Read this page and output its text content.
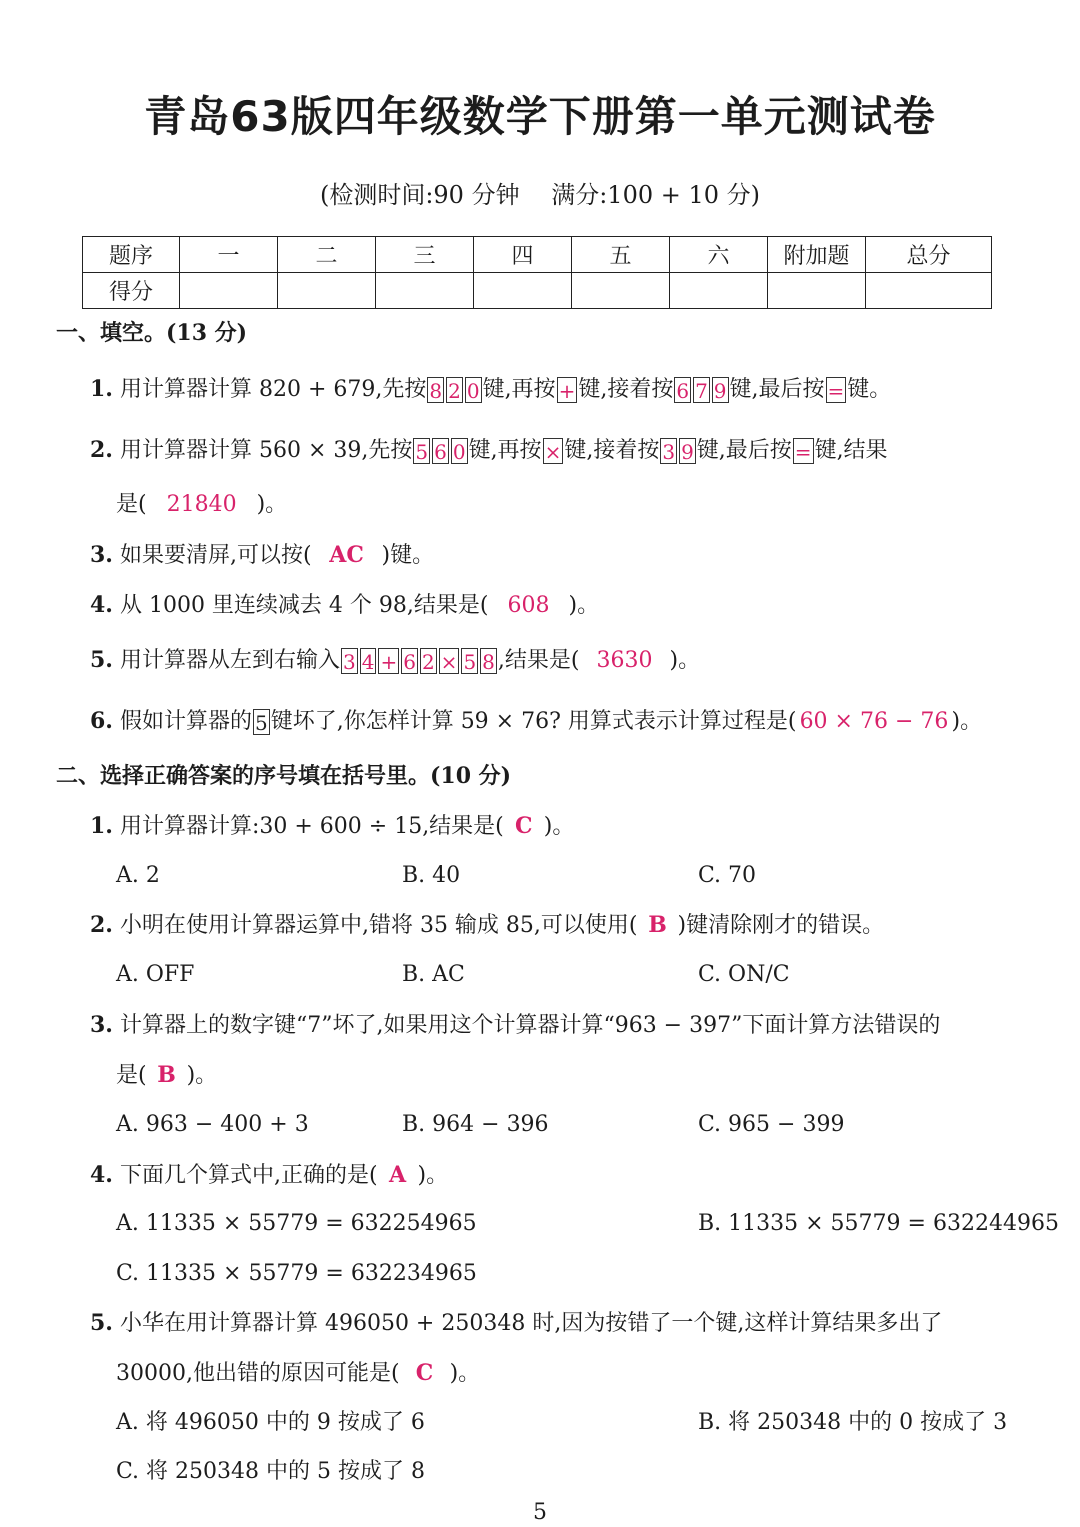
青岛63版四年级数学下册第一单元测试卷
(检测时间:90 分钟　 满分:100 + 10 分)
题序	一	二	三	四	五	六	附加题	总分
得分								
一、填空。(13 分)
1. 用计算器计算 820 + 679,先按 8 2 0 键,再按 + 键,接着按 6 7 9 键,最后按 = 键。
2. 用计算器计算 560 × 39,先按 5 6 0 键,再按 × 键,接着按 3 9 键,最后按 = 键,结果
是( 21840 )。
3. 如果要清屏,可以按( AC )键。
4. 从 1000 里连续减去 4 个 98,结果是( 608 )。
5. 用计算器从左到右输入 3 4 + 6 2 × 5 8 ,结果是( 3630 )。
6. 假如计算器的 5 键坏了,你怎样计算 59 × 76? 用算式表示计算过程是( 60 × 76 − 76 )。
二、选择正确答案的序号填在括号里。(10 分)
1. 用计算器计算:30 + 600 ÷ 15,结果是( C )。
A. 2	B. 40	C. 70
2. 小明在使用计算器运算中,错将 35 输成 85,可以使用( B )键清除刚才的错误。
A. OFF	B. AC	C. ON/C
3. 计算器上的数字键“7”坏了,如果用这个计算器计算“963 − 397”下面计算方法错误的
是( B )。
A. 963 − 400 + 3	B. 964 − 396	C. 965 − 399
4. 下面几个算式中,正确的是( A )。
A. 11335 × 55779 = 632254965	B. 11335 × 55779 = 632244965
C. 11335 × 55779 = 632234965
5. 小华在用计算器计算 496050 + 250348 时,因为按错了一个键,这样计算结果多出了
30000,他出错的原因可能是( C )。
A. 将 496050 中的 9 按成了 6	B. 将 250348 中的 0 按成了 3
C. 将 250348 中的 5 按成了 8
5
